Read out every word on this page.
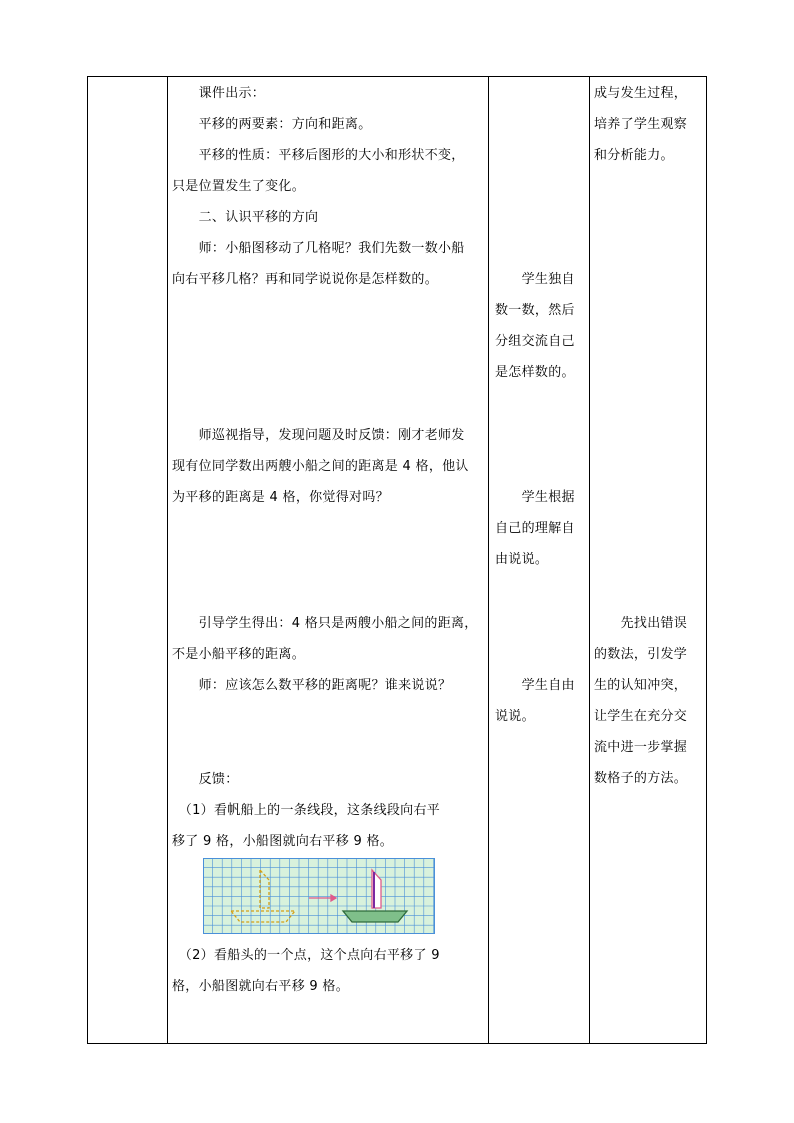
　　课件出示：
　　平移的两要素：方向和距离。
　　平移的性质：平移后图形的大小和形状不变，
只是位置发生了变化。
　　二、认识平移的方向
　　师：小船图移动了几格呢？我们先数一数小船
向右平移几格？再和同学说说你是怎样数的。
　　师巡视指导，发现问题及时反馈：刚才老师发
现有位同学数出两艘小船之间的距离是 4 格，他认
为平移的距离是 4 格，你觉得对吗？
　　引导学生得出：4 格只是两艘小船之间的距离，
不是小船平移的距离。
　　师：应该怎么数平移的距离呢？谁来说说？
　　反馈：
　（1）看帆船上的一条线段，这条线段向右平
移了 9 格，小船图就向右平移 9 格。
　（2）看船头的一个点，这个点向右平移了 9
格，小船图就向右平移 9 格。
　　学生独自
数一数，然后
分组交流自己
是怎样数的。
　　学生根据
自己的理解自
由说说。
　　学生自由
说说。
成与发生过程，
培养了学生观察
和分析能力。
　　先找出错误
的数法，引发学
生的认知冲突，
让学生在充分交
流中进一步掌握
数格子的方法。
